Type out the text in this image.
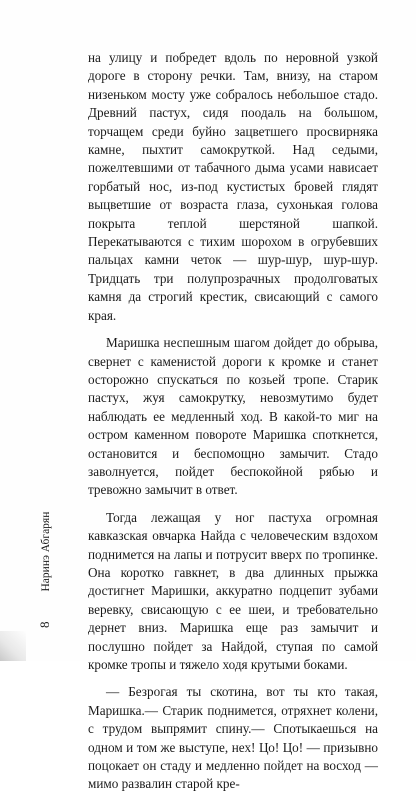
на улицу и побредет вдоль по неровной узкой дороге в сторону речки. Там, внизу, на старом низеньком мосту уже собралось небольшое стадо. Древний пастух, сидя поодаль на большом, торчащем среди буйно зацветшего просвирняка камне, пыхтит самокруткой. Над седыми, пожелтевшими от табачного дыма усами нависает горбатый нос, из-под кустистых бровей глядят выцветшие от возраста глаза, сухонькая голова покрыта теплой шерстяной шапкой. Перекатываются с тихим шорохом в огрубевших пальцах камни четок — шур-шур, шур-шур. Тридцать три полупрозрачных продолговатых камня да строгий крестик, свисающий с самого края.

Маришка неспешным шагом дойдет до обрыва, свернет с каменистой дороги к кромке и станет осторожно спускаться по козьей тропе. Старик пастух, жуя самокрутку, невозмутимо будет наблюдать ее медленный ход. В какой-то миг на остром каменном повороте Маришка споткнется, остановится и беспомощно замычит. Стадо заволнуется, пойдет беспокойной рябью и тревожно замычит в ответ.

Тогда лежащая у ног пастуха огромная кавказская овчарка Найда с человеческим вздохом поднимется на лапы и потрусит вверх по тропинке. Она коротко гавкнет, в два длинных прыжка достигнет Маришки, аккуратно подцепит зубами веревку, свисающую с ее шеи, и требовательно дернет вниз. Маришка еще раз замычит и послушно пойдет за Найдой, ступая по самой кромке тропы и тяжело ходя крутыми боками.

— Безрогая ты скотина, вот ты кто такая, Маришка.— Старик поднимется, отряхнет колени, с трудом выпрямит спину.— Спотыкаешься на одном и том же выступе, нех! Цо! Цо! — призывно поцокает он стаду и медленно пойдет на восход — мимо развалин старой кре-

8Наринэ Абгарян
